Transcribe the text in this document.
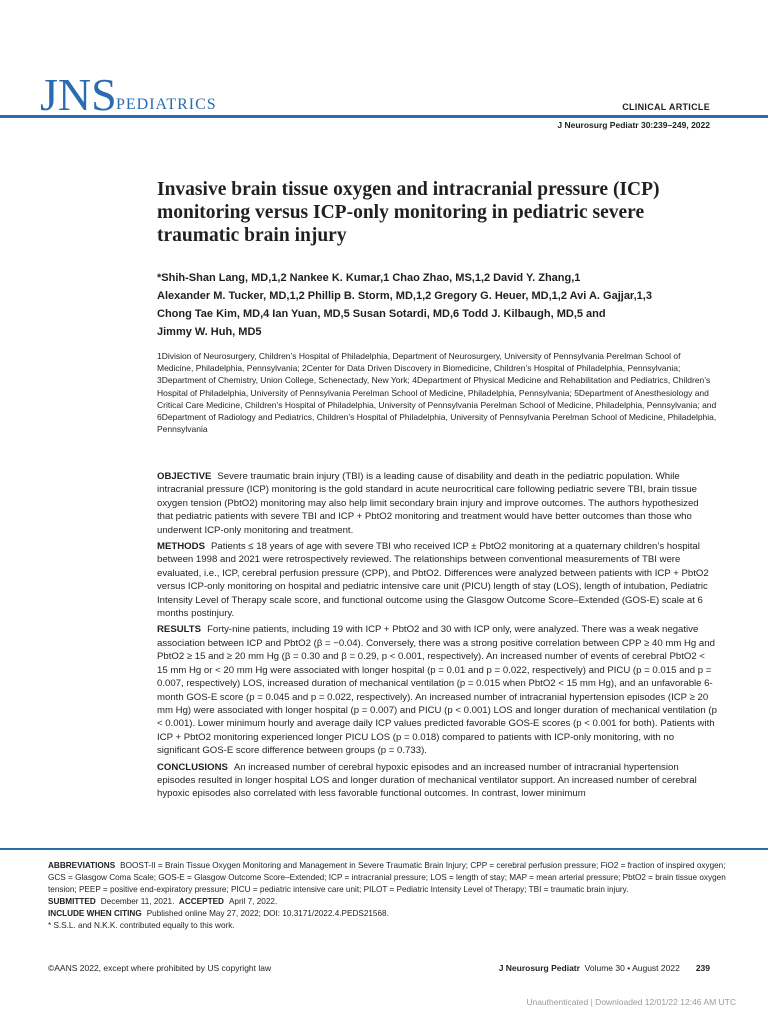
JNS PEDIATRICS	CLINICAL ARTICLE
J Neurosurg Pediatr 30:239–249, 2022
Invasive brain tissue oxygen and intracranial pressure (ICP) monitoring versus ICP-only monitoring in pediatric severe traumatic brain injury

*Shih-Shan Lang, MD,1,2 Nankee K. Kumar,1 Chao Zhao, MS,1,2 David Y. Zhang,1

Alexander M. Tucker, MD,1,2 Phillip B. Storm, MD,1,2 Gregory G. Heuer, MD,1,2 Avi A. Gajjar,1,3

Chong Tae Kim, MD,4 Ian Yuan, MD,5 Susan Sotardi, MD,6 Todd J. Kilbaugh, MD,5 and

Jimmy W. Huh, MD5

1Division of Neurosurgery, Children’s Hospital of Philadelphia, Department of Neurosurgery, University of Pennsylvania Perelman School of Medicine, Philadelphia, Pennsylvania; 2Center for Data Driven Discovery in Biomedicine, Children’s Hospital of Philadelphia, Pennsylvania; 3Department of Chemistry, Union College, Schenectady, New York; 4Department of Physical Medicine and Rehabilitation and Pediatrics, Children’s Hospital of Philadelphia, University of Pennsylvania Perelman School of Medicine, Philadelphia, Pennsylvania; 5Department of Anesthesiology and Critical Care Medicine, Children’s Hospital of Philadelphia, University of Pennsylvania Perelman School of Medicine, Philadelphia, Pennsylvania; and 6Department of Radiology and Pediatrics, Children’s Hospital of Philadelphia, University of Pennsylvania Perelman School of Medicine, Philadelphia, Pennsylvania

OBJECTIVE Severe traumatic brain injury (TBI) is a leading cause of disability and death in the pediatric population. While intracranial pressure (ICP) monitoring is the gold standard in acute neurocritical care following pediatric severe TBI, brain tissue oxygen tension (PbtO2) monitoring may also help limit secondary brain injury and improve outcomes. The authors hypothesized that pediatric patients with severe TBI and ICP + PbtO2 monitoring and treatment would have better outcomes than those who underwent ICP-only monitoring and treatment.

METHODS Patients ≤ 18 years of age with severe TBI who received ICP ± PbtO2 monitoring at a quaternary children’s hospital between 1998 and 2021 were retrospectively reviewed. The relationships between conventional measurements of TBI were evaluated, i.e., ICP, cerebral perfusion pressure (CPP), and PbtO2. Differences were analyzed between patients with ICP + PbtO2 versus ICP-only monitoring on hospital and pediatric intensive care unit (PICU) length of stay (LOS), length of intubation, Pediatric Intensity Level of Therapy scale score, and functional outcome using the Glasgow Outcome Score–Extended (GOS-E) scale at 6 months postinjury.

RESULTS Forty-nine patients, including 19 with ICP + PbtO2 and 30 with ICP only, were analyzed. There was a weak negative association between ICP and PbtO2 (β = −0.04). Conversely, there was a strong positive correlation between CPP ≥ 40 mm Hg and PbtO2 ≥ 15 and ≥ 20 mm Hg (β = 0.30 and β = 0.29, p < 0.001, respectively). An increased number of events of cerebral PbtO2 < 15 mm Hg or < 20 mm Hg were associated with longer hospital (p = 0.01 and p = 0.022, respectively) and PICU (p = 0.015 and p = 0.007, respectively) LOS, increased duration of mechanical ventilation (p = 0.015 when PbtO2 < 15 mm Hg), and an unfavorable 6-month GOS-E score (p = 0.045 and p = 0.022, respectively). An increased number of intracranial hypertension episodes (ICP ≥ 20 mm Hg) were associated with longer hospital (p = 0.007) and PICU (p < 0.001) LOS and longer duration of mechanical ventilation (p < 0.001). Lower minimum hourly and average daily ICP values predicted favorable GOS-E scores (p < 0.001 for both). Patients with ICP + PbtO2 monitoring experienced longer PICU LOS (p = 0.018) compared to patients with ICP-only monitoring, with no significant GOS-E score difference between groups (p = 0.733).

CONCLUSIONS An increased number of cerebral hypoxic episodes and an increased number of intracranial hypertension episodes resulted in longer hospital LOS and longer duration of mechanical ventilator support. An increased number of cerebral hypoxic episodes also correlated with less favorable functional outcomes. In contrast, lower minimum

ABBREVIATIONS BOOST-II = Brain Tissue Oxygen Monitoring and Management in Severe Traumatic Brain Injury; CPP = cerebral perfusion pressure; FiO2 = fraction of inspired oxygen; GCS = Glasgow Coma Scale; GOS-E = Glasgow Outcome Score–Extended; ICP = intracranial pressure; LOS = length of stay; MAP = mean arterial pressure; PbtO2 = brain tissue oxygen tension; PEEP = positive end-expiratory pressure; PICU = pediatric intensive care unit; PILOT = Pediatric Intensity Level of Therapy; TBI = traumatic brain injury.

SUBMITTED December 11, 2021. ACCEPTED April 7, 2022.

INCLUDE WHEN CITING Published online May 27, 2022; DOI: 10.3171/2022.4.PEDS21568.

* S.S.L. and N.K.K. contributed equally to this work.

©AANS 2022, except where prohibited by US copyright law	J Neurosurg Pediatr Volume 30 • August 2022 239
Unauthenticated | Downloaded 12/01/22 12:46 AM UTC
